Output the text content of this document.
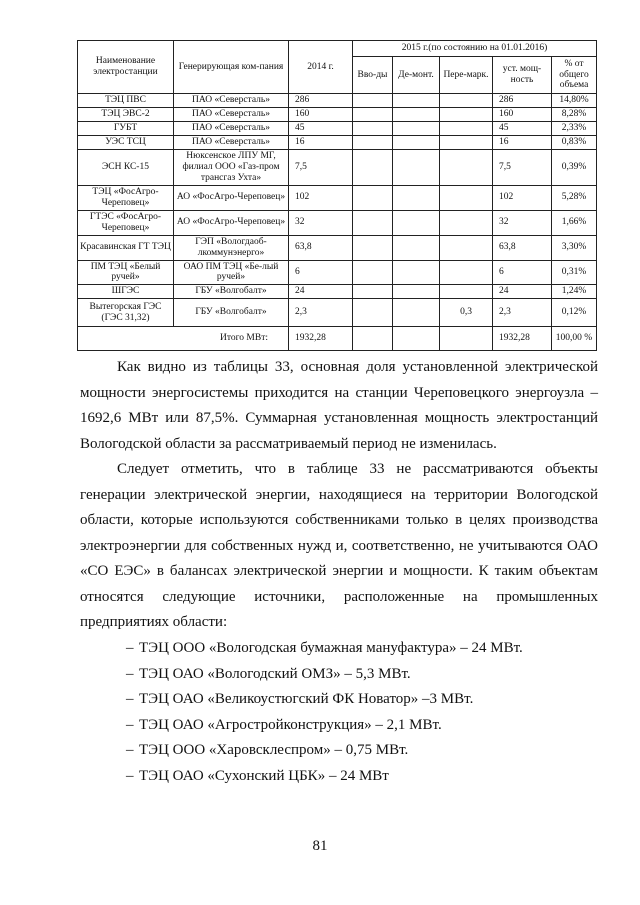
Наименование электростанции	Генерирующая ком-пания	2014 г.	2015 г.(по состоянию на 01.01.2016)				
			Вво-ды	Де-монт.	Пере-марк.	уст. мощ-ность	% от общего объема
ТЭЦ ПВС	ПАО «Северсталь»	286				286	14,80%
ТЭЦ ЭВС-2	ПАО «Северсталь»	160				160	8,28%
ГУБТ	ПАО «Северсталь»	45				45	2,33%
УЭС ТСЦ	ПАО «Северсталь»	16				16	0,83%
ЭСН КС-15	Нюксенское ЛПУ МГ, филиал ООО «Газ-пром трансгаз Ухта»	7,5				7,5	0,39%
ТЭЦ «ФосАгро-Череповец»	АО «ФосАгро-Череповец»	102				102	5,28%
ГТЭС «ФосАгро-Череповец»	АО «ФосАгро-Череповец»	32				32	1,66%
Красавинская ГТ ТЭЦ	ГЭП «Вологдаоб-лкоммунэнерго»	63,8				63,8	3,30%
ПМ ТЭЦ «Белый ручей»	ОАО ПМ ТЭЦ «Бе-лый ручей»	6				6	0,31%
ШГЭС	ГБУ «Волгобалт»	24				24	1,24%
Вытегорская ГЭС (ГЭС 31,32)	ГБУ «Волгобалт»	2,3			0,3	2,3	0,12%
Итого МВт:		1932,28				1932,28	100,00 %

Как видно из таблицы 33, основная доля установленной электрической мощности энергосистемы приходится на станции Череповецкого энергоузла – 1692,6 МВт или 87,5%. Суммарная установленная мощность электростанций Вологодской области за рассматриваемый период не изменилась.

Следует отметить, что в таблице 33 не рассматриваются объекты генерации электрической энергии, находящиеся на территории Вологодской области, которые используются собственниками только в целях производства электроэнергии для собственных нужд и, соответственно, не учитываются ОАО «СО ЕЭС» в балансах электрической энергии и мощности. К таким объектам относятся следующие источники, расположенные на промышленных предприятиях области:

– ТЭЦ ООО «Вологодская бумажная мануфактура» – 24 МВт.
– ТЭЦ ОАО «Вологодский ОМЗ» – 5,3 МВт.
– ТЭЦ ОАО «Великоустюгский ФК Новатор» –3 МВт.
– ТЭЦ ОАО «Агростройконструкция» – 2,1 МВт.
– ТЭЦ ООО «Харовсклеспром» – 0,75 МВт.
– ТЭЦ ОАО «Сухонский ЦБК» – 24 МВт
81
